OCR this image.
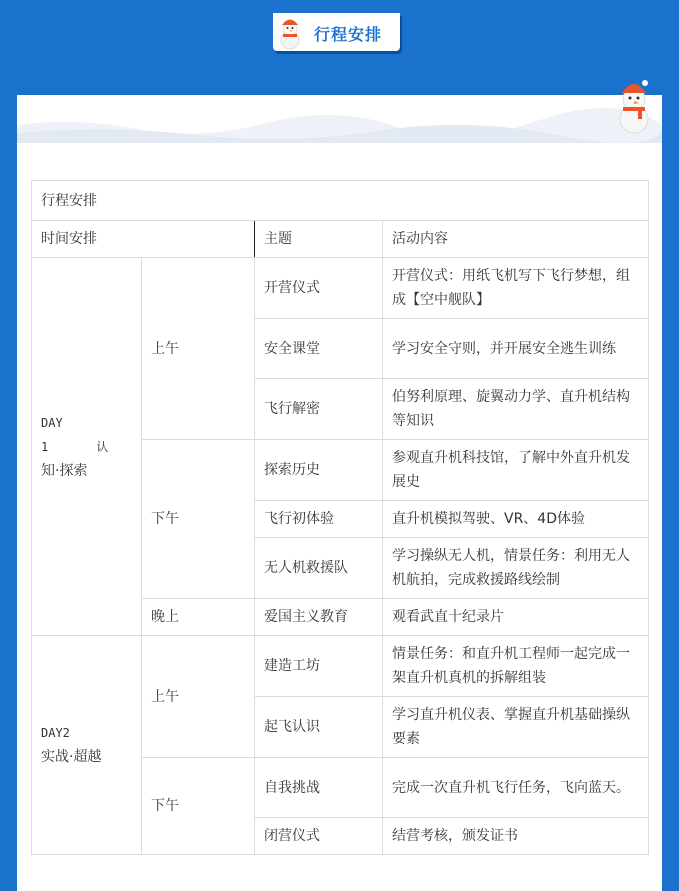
行程安排
行程安排			
时间安排		主题	活动内容

DAY
1　　　　认
知·探索	上午	开营仪式	开营仪式：用纸飞机写下飞行梦想，组成【空中舰队】
		安全课堂	学习安全守则，并开展安全逃生训练
		飞行解密	伯努利原理、旋翼动力学、直升机结构等知识
	下午	探索历史	参观直升机科技馆，了解中外直升机发展史
		飞行初体验	直升机模拟驾驶、VR、4D体验
		无人机救援队	学习操纵无人机，情景任务：利用无人机航拍，完成救援路线绘制
	晚上	爱国主义教育	观看武直十纪录片

DAY2
实战·超越	上午	建造工坊	情景任务：和直升机工程师一起完成一架直升机真机的拆解组装
		起飞认识	学习直升机仪表、掌握直升机基础操纵要素
	下午	自我挑战	完成一次直升机飞行任务，飞向蓝天。
		闭营仪式	结营考核，颁发证书
